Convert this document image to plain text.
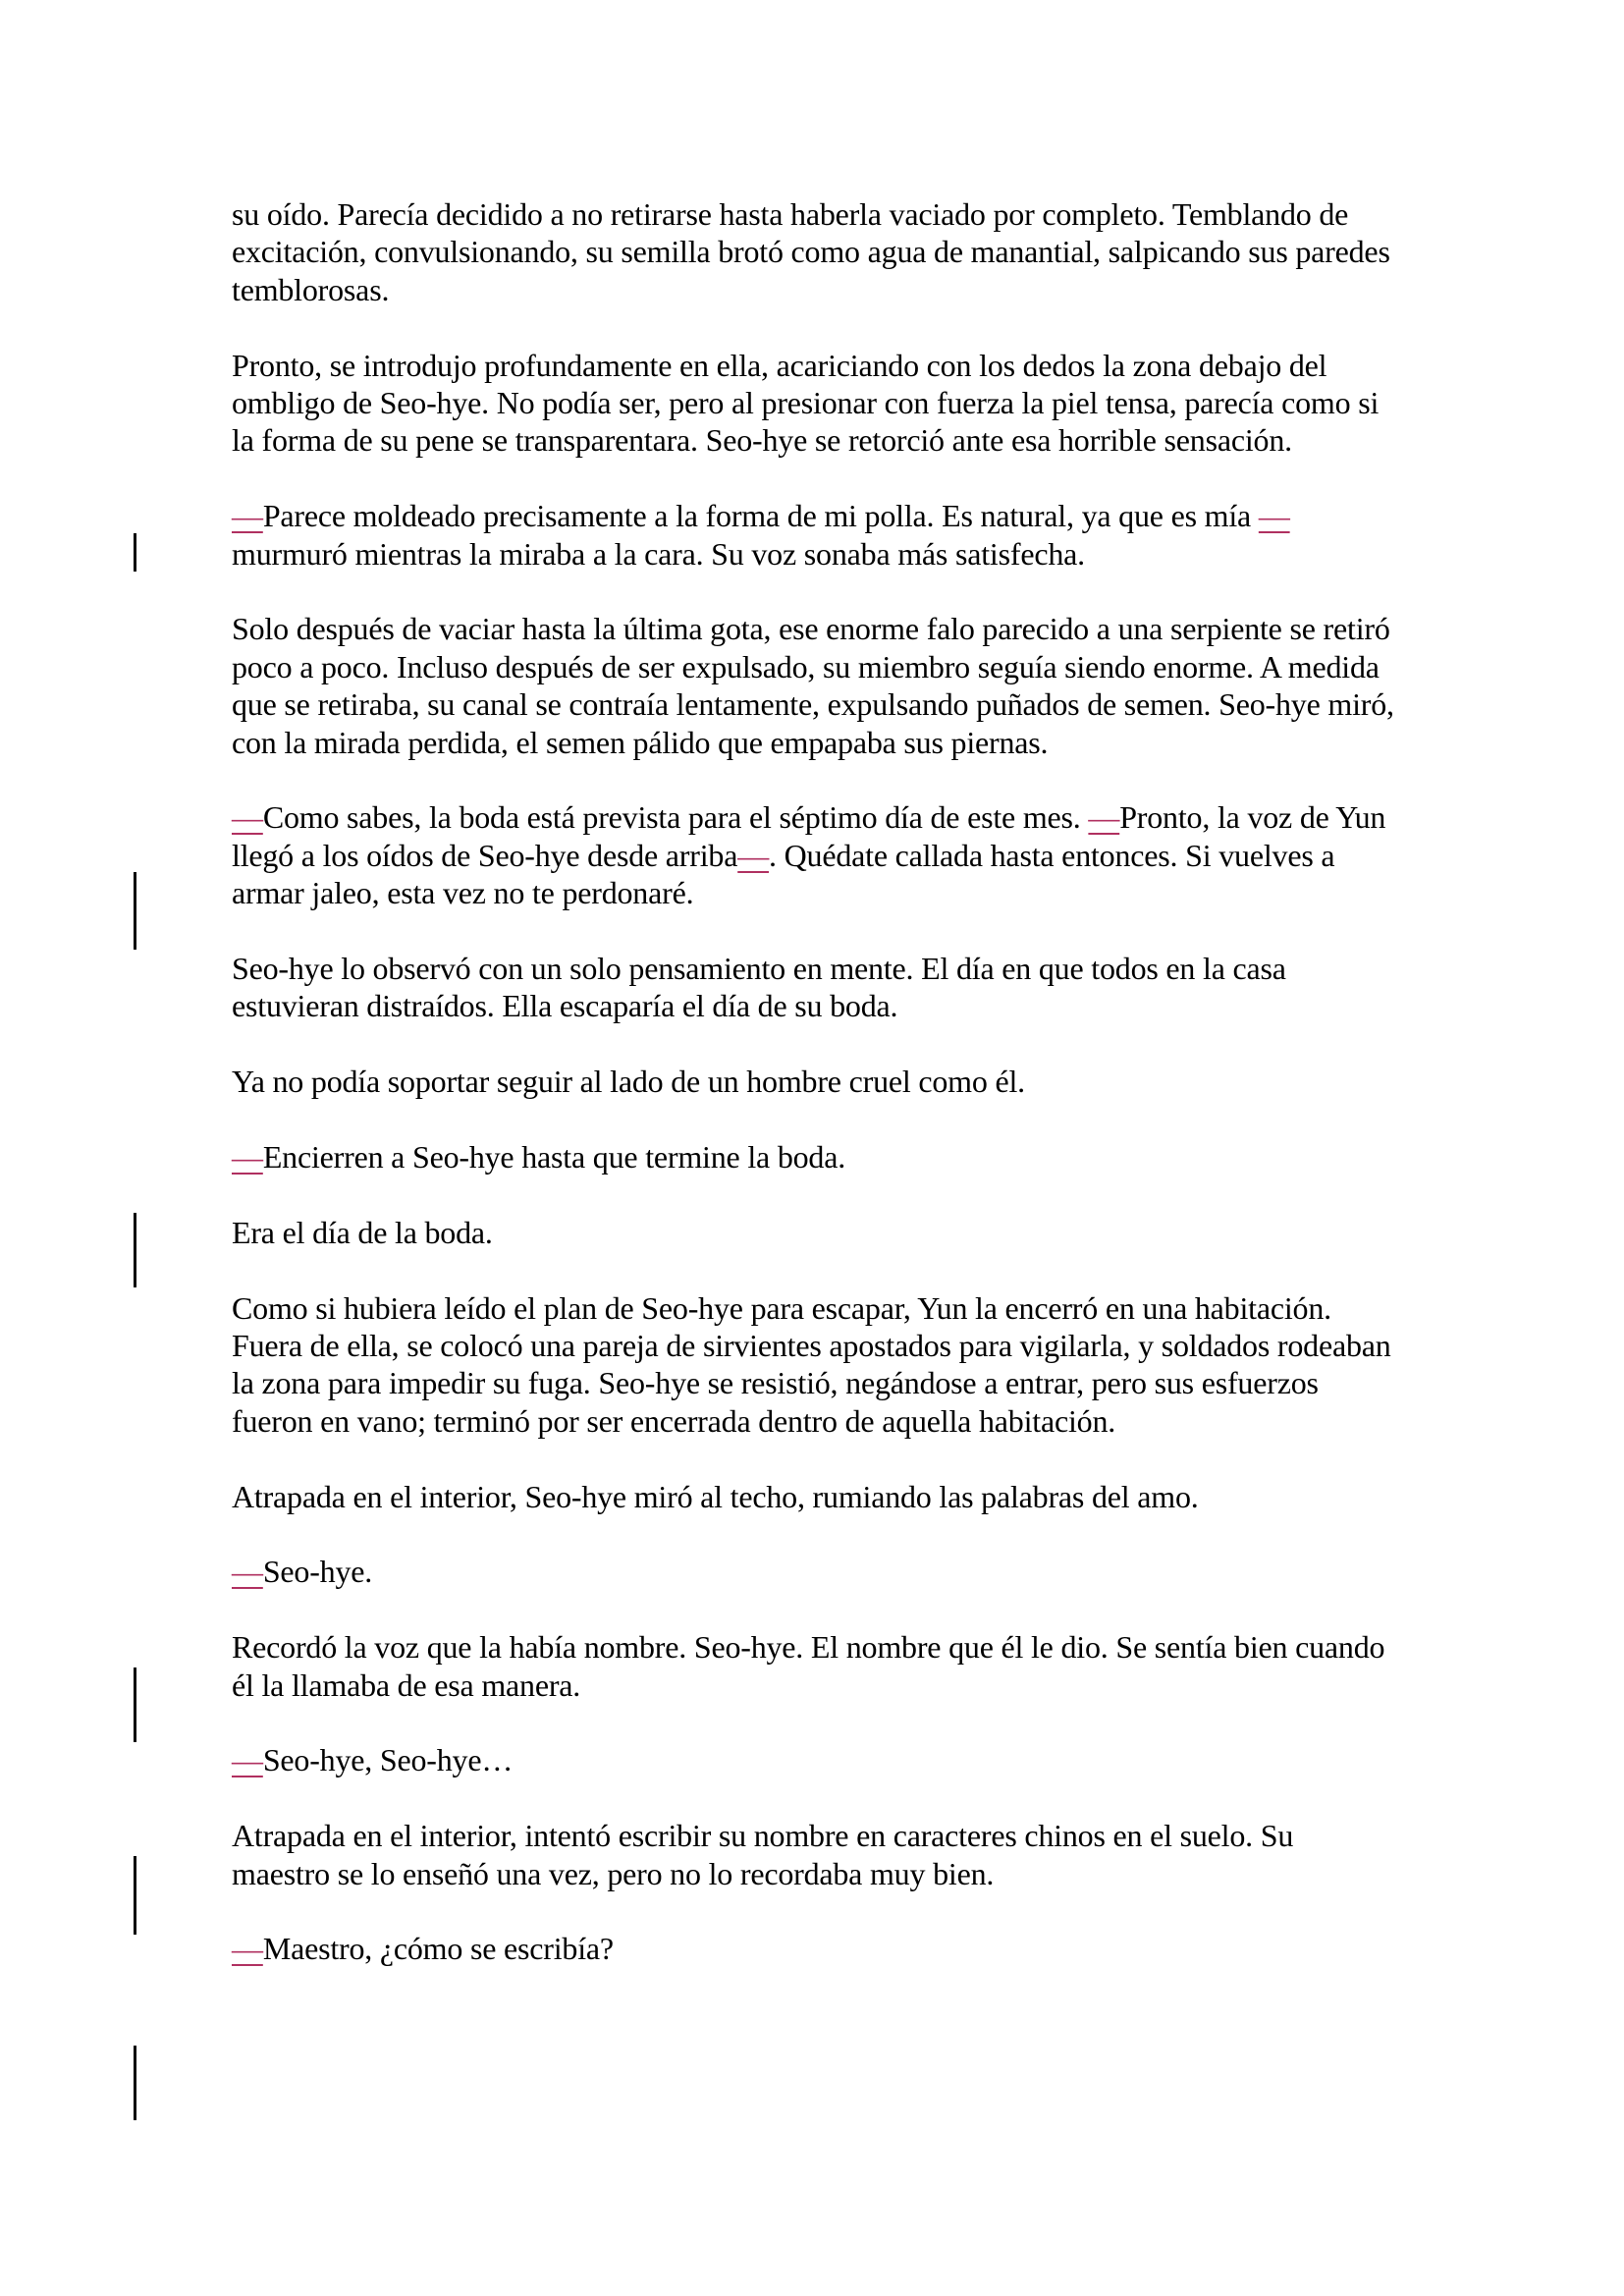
su oído. Parecía decidido a no retirarse hasta haberla vaciado por completo. Temblando de excitación, convulsionando, su semilla brotó como agua de manantial, salpicando sus paredes temblorosas.

Pronto, se introdujo profundamente en ella, acariciando con los dedos la zona debajo del ombligo de Seo-hye. No podía ser, pero al presionar con fuerza la piel tensa, parecía como si la forma de su pene se transparentara. Seo-hye se retorció ante esa horrible sensación.

—Parece moldeado precisamente a la forma de mi polla. Es natural, ya que es mía — murmuró mientras la miraba a la cara. Su voz sonaba más satisfecha.

Solo después de vaciar hasta la última gota, ese enorme falo parecido a una serpiente se retiró poco a poco. Incluso después de ser expulsado, su miembro seguía siendo enorme. A medida que se retiraba, su canal se contraía lentamente, expulsando puñados de semen. Seo-hye miró, con la mirada perdida, el semen pálido que empapaba sus piernas.

—Como sabes, la boda está prevista para el séptimo día de este mes. —Pronto, la voz de Yun llegó a los oídos de Seo-hye desde arriba—. Quédate callada hasta entonces. Si vuelves a armar jaleo, esta vez no te perdonaré.

Seo-hye lo observó con un solo pensamiento en mente. El día en que todos en la casa estuvieran distraídos. Ella escaparía el día de su boda.

Ya no podía soportar seguir al lado de un hombre cruel como él.

—Encierren a Seo-hye hasta que termine la boda.

Era el día de la boda.

Como si hubiera leído el plan de Seo-hye para escapar, Yun la encerró en una habitación. Fuera de ella, se colocó una pareja de sirvientes apostados para vigilarla, y soldados rodeaban la zona para impedir su fuga. Seo-hye se resistió, negándose a entrar, pero sus esfuerzos fueron en vano; terminó por ser encerrada dentro de aquella habitación.

Atrapada en el interior, Seo-hye miró al techo, rumiando las palabras del amo.

—Seo-hye.

Recordó la voz que la había nombre. Seo-hye. El nombre que él le dio. Se sentía bien cuando él la llamaba de esa manera.

—Seo-hye, Seo-hye…

Atrapada en el interior, intentó escribir su nombre en caracteres chinos en el suelo. Su maestro se lo enseñó una vez, pero no lo recordaba muy bien.

—Maestro, ¿cómo se escribía?
